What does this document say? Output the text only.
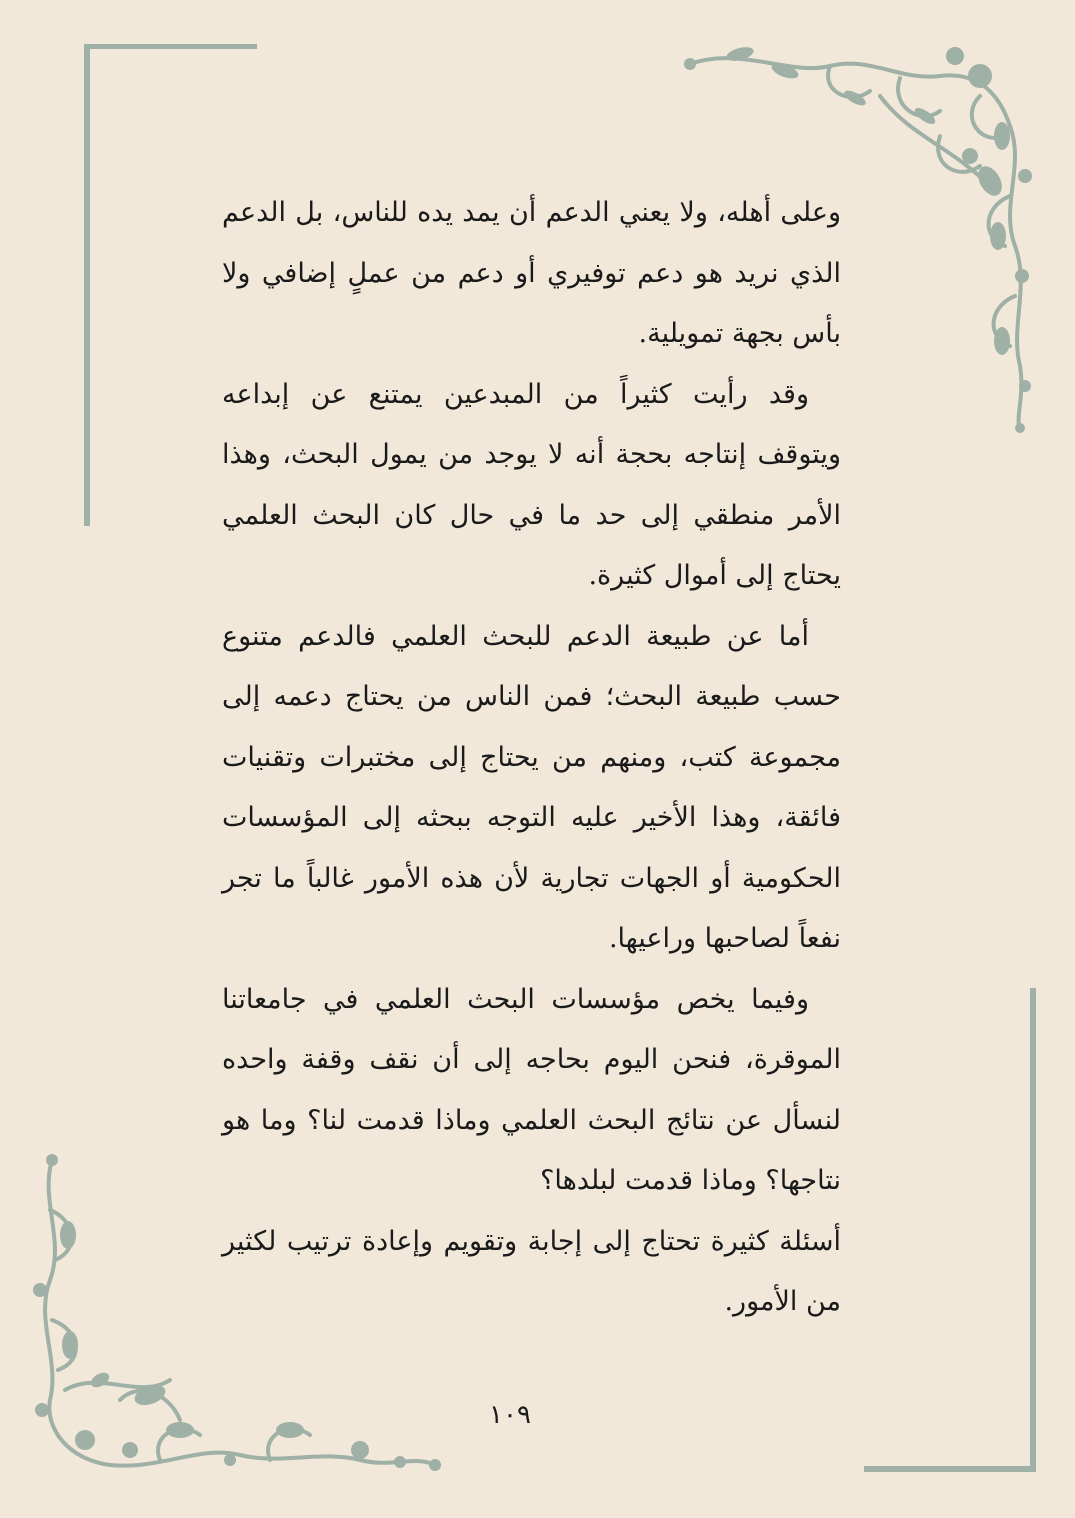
وعلى أهله، ولا يعني الدعم أن يمد يده للناس، بل الدعم الذي نريد هو دعم توفيري أو دعم من عملٍ إضافي ولا بأس بجهة تمويلية.

وقد رأيت كثيراً من المبدعين يمتنع عن إبداعه ويتوقف إنتاجه بحجة أنه لا يوجد من يمول البحث، وهذا الأمر منطقي إلى حد ما في حال كان البحث العلمي يحتاج إلى أموال كثيرة.

أما عن طبيعة الدعم للبحث العلمي فالدعم متنوع حسب طبيعة البحث؛ فمن الناس من يحتاج دعمه إلى مجموعة كتب، ومنهم من يحتاج إلى مختبرات وتقنيات فائقة، وهذا الأخير عليه التوجه ببحثه إلى المؤسسات الحكومية أو الجهات تجارية لأن هذه الأمور غالباً ما تجر نفعاً لصاحبها وراعيها.

وفيما يخص مؤسسات البحث العلمي في جامعاتنا الموقرة، فنحن اليوم بحاجه إلى أن نقف وقفة واحده لنسأل عن نتائج البحث العلمي وماذا قدمت لنا؟ وما هو نتاجها؟ وماذا قدمت لبلدها؟

أسئلة كثيرة تحتاج إلى إجابة وتقويم وإعادة ترتيب لكثير من الأمور.

١٠٩
